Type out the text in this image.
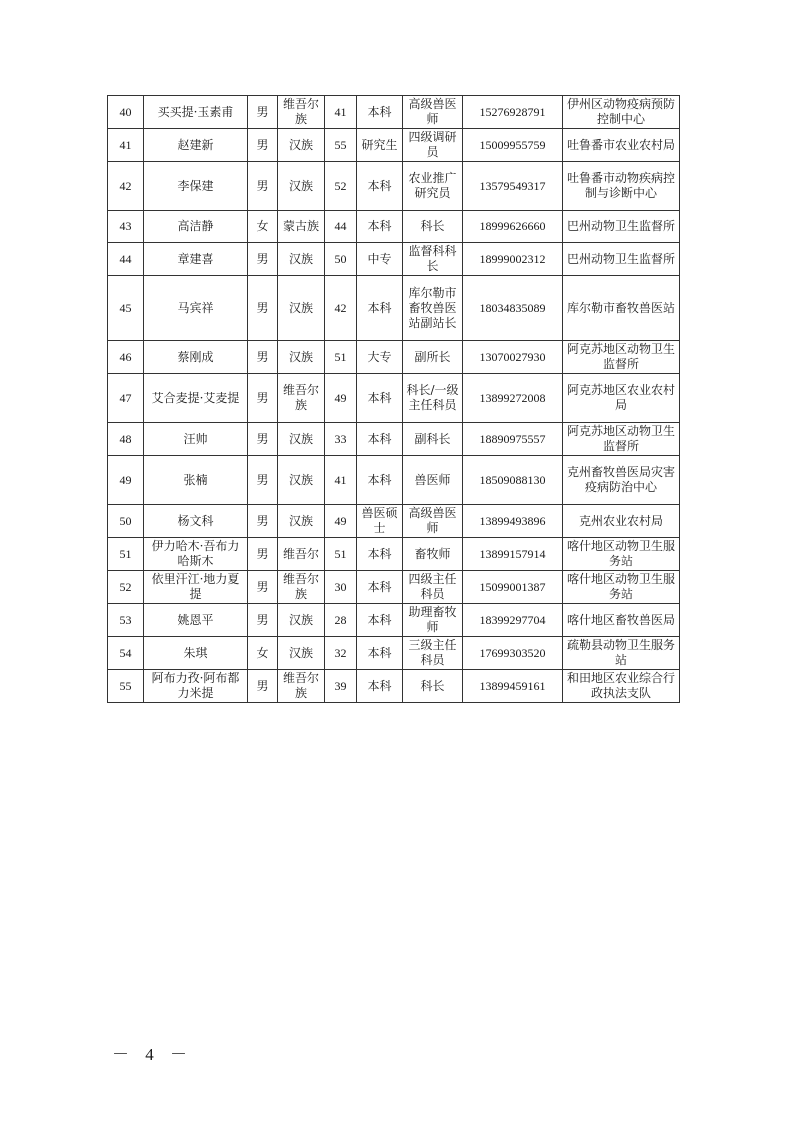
40	买买提·玉素甫	男	维吾尔族	41	本科	高级兽医师	15276928791	伊州区动物疫病预防控制中心
41	赵建新	男	汉族	55	研究生	四级调研员	15009955759	吐鲁番市农业农村局
42	李保建	男	汉族	52	本科	农业推广研究员	13579549317	吐鲁番市动物疾病控制与诊断中心
43	高洁静	女	蒙古族	44	本科	科长	18999626660	巴州动物卫生监督所
44	章建喜	男	汉族	50	中专	监督科科长	18999002312	巴州动物卫生监督所
45	马宾祥	男	汉族	42	本科	库尔勒市畜牧兽医站副站长	18034835089	库尔勒市畜牧兽医站
46	蔡刚成	男	汉族	51	大专	副所长	13070027930	阿克苏地区动物卫生监督所
47	艾合麦提·艾麦提	男	维吾尔族	49	本科	科长/一级主任科员	13899272008	阿克苏地区农业农村局
48	汪帅	男	汉族	33	本科	副科长	18890975557	阿克苏地区动物卫生监督所
49	张楠	男	汉族	41	本科	兽医师	18509088130	克州畜牧兽医局灾害疫病防治中心
50	杨文科	男	汉族	49	兽医硕士	高级兽医师	13899493896	克州农业农村局
51	伊力哈木·吾布力哈斯木	男	维吾尔	51	本科	畜牧师	13899157914	喀什地区动物卫生服务站
52	依里汗江·地力夏提	男	维吾尔族	30	本科	四级主任科员	15099001387	喀什地区动物卫生服务站
53	姚恩平	男	汉族	28	本科	助理畜牧师	18399297704	喀什地区畜牧兽医局
54	朱琪	女	汉族	32	本科	三级主任科员	17699303520	疏勒县动物卫生服务站
55	阿布力孜·阿布都力米提	男	维吾尔族	39	本科	科长	13899459161	和田地区农业综合行政执法支队
－ 4 －
